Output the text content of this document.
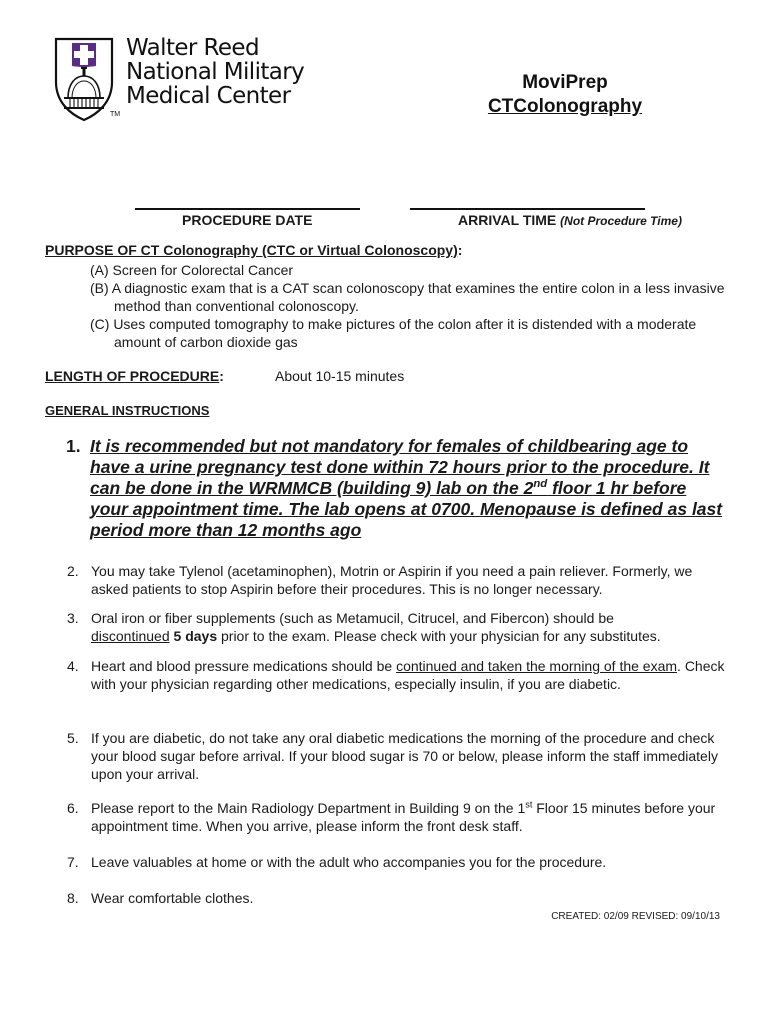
Walter Reed
National Military
Medical Center
TM
MoviPrep
CTColonography
PROCEDURE DATE	ARRIVAL TIME (Not Procedure Time)
PURPOSE OF CT Colonography (CTC or Virtual Colonoscopy):
(A) Screen for Colorectal Cancer
(B) A diagnostic exam that is a CAT scan colonoscopy that examines the entire colon in a less invasive method than conventional colonoscopy.
(C) Uses computed tomography to make pictures of the colon after it is distended with a moderate amount of carbon dioxide gas
LENGTH OF PROCEDURE:	About 10-15 minutes
GENERAL INSTRUCTIONS
1. It is recommended but not mandatory for females of childbearing age to have a urine pregnancy test done within 72 hours prior to the procedure. It can be done in the WRMMCB (building 9) lab on the 2nd floor 1 hr before your appointment time. The lab opens at 0700. Menopause is defined as last period more than 12 months ago
2. You may take Tylenol (acetaminophen), Motrin or Aspirin if you need a pain reliever. Formerly, we asked patients to stop Aspirin before their procedures. This is no longer necessary.
3. Oral iron or fiber supplements (such as Metamucil, Citrucel, and Fibercon) should be
discontinued 5 days prior to the exam. Please check with your physician for any substitutes.
4. Heart and blood pressure medications should be continued and taken the morning of the exam. Check with your physician regarding other medications, especially insulin, if you are diabetic.
5. If you are diabetic, do not take any oral diabetic medications the morning of the procedure and check your blood sugar before arrival. If your blood sugar is 70 or below, please inform the staff immediately upon your arrival.
6. Please report to the Main Radiology Department in Building 9 on the 1st Floor 15 minutes before your appointment time. When you arrive, please inform the front desk staff.
7. Leave valuables at home or with the adult who accompanies you for the procedure.
8. Wear comfortable clothes.
CREATED: 02/09 REVISED: 09/10/13
